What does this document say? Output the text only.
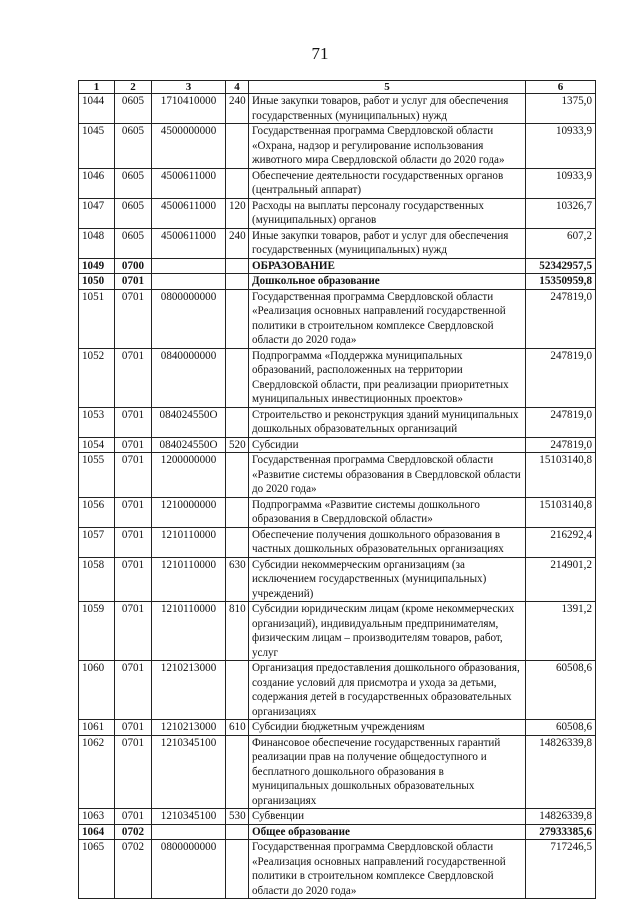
71
1	2	3	4	5	6
1044	0605	1710410000	240	Иные закупки товаров, работ и услуг для обеспечения государственных (муниципальных) нужд	1375,0
1045	0605	4500000000		Государственная программа Свердловской области «Охрана, надзор и регулирование использования животного мира Свердловской области до 2020 года»	10933,9
1046	0605	4500611000		Обеспечение деятельности государственных органов (центральный аппарат)	10933,9
1047	0605	4500611000	120	Расходы на выплаты персоналу государственных (муниципальных) органов	10326,7
1048	0605	4500611000	240	Иные закупки товаров, работ и услуг для обеспечения государственных (муниципальных) нужд	607,2
1049	0700			ОБРАЗОВАНИЕ	52342957,5
1050	0701			Дошкольное образование	15350959,8
1051	0701	0800000000		Государственная программа Свердловской области «Реализация основных направлений государственной политики в строительном комплексе Свердловской области до 2020 года»	247819,0
1052	0701	0840000000		Подпрограмма «Поддержка муниципальных образований, расположенных на территории Свердловской области, при реализации приоритетных муниципальных инвестиционных проектов»	247819,0
1053	0701	084024550О		Строительство и реконструкция зданий муниципальных дошкольных образовательных организаций	247819,0
1054	0701	084024550О	520	Субсидии	247819,0
1055	0701	1200000000		Государственная программа Свердловской области «Развитие системы образования в Свердловской области до 2020 года»	15103140,8
1056	0701	1210000000		Подпрограмма «Развитие системы дошкольного образования в Свердловской области»	15103140,8
1057	0701	1210110000		Обеспечение получения дошкольного образования в частных дошкольных образовательных организациях	216292,4
1058	0701	1210110000	630	Субсидии некоммерческим организациям (за исключением государственных (муниципальных) учреждений)	214901,2
1059	0701	1210110000	810	Субсидии юридическим лицам (кроме некоммерческих организаций), индивидуальным предпринимателям, физическим лицам – производителям товаров, работ, услуг	1391,2
1060	0701	1210213000		Организация предоставления дошкольного образования, создание условий для присмотра и ухода за детьми, содержания детей в государственных образовательных организациях	60508,6
1061	0701	1210213000	610	Субсидии бюджетным учреждениям	60508,6
1062	0701	1210345100		Финансовое обеспечение государственных гарантий реализации прав на получение общедоступного и бесплатного дошкольного образования в муниципальных дошкольных образовательных организациях	14826339,8
1063	0701	1210345100	530	Субвенции	14826339,8
1064	0702			Общее образование	27933385,6
1065	0702	0800000000		Государственная программа Свердловской области «Реализация основных направлений государственной политики в строительном комплексе Свердловской области до 2020 года»	717246,5
